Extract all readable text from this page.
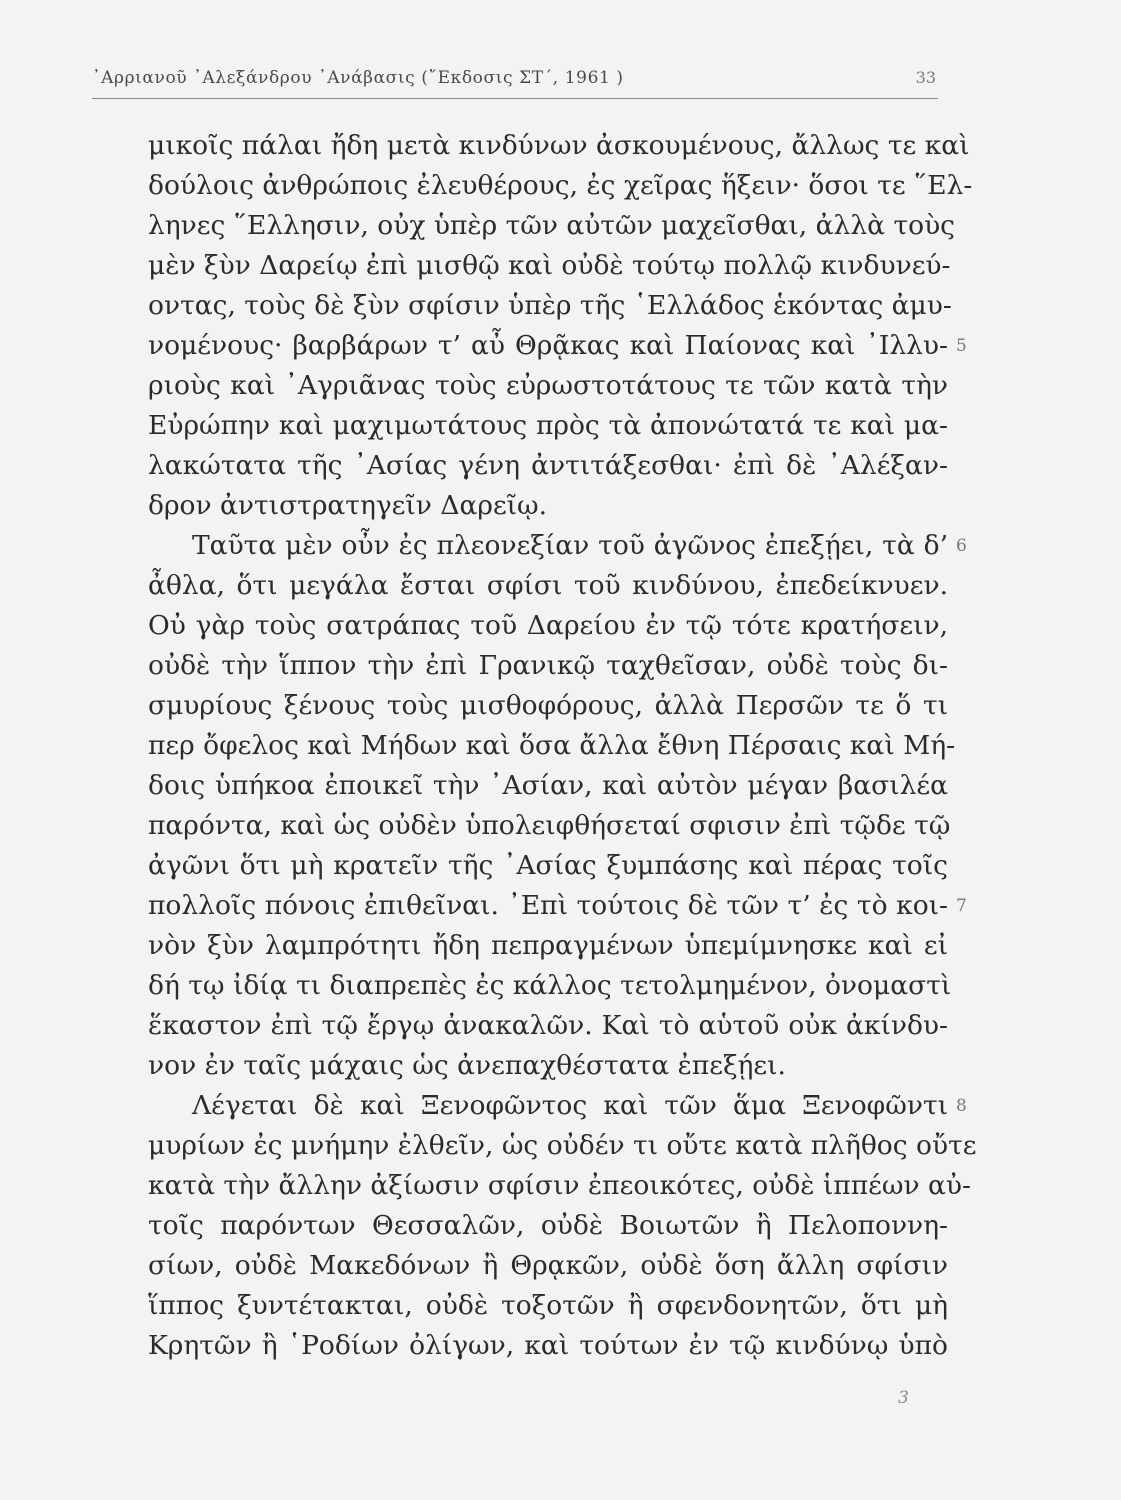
᾿Αρριανοῦ ᾿Αλεξάνδρου ᾿Ανάβασις (῎Εκδοσις ΣΤ΄, 1961 )	33
μικοῖς πάλαι ἤδη μετὰ κινδύνων ἀσκουμένους, ἄλλως τε καὶ
δούλοις ἀνθρώποις ἐλευθέρους, ἐς χεῖρας ἥξειν· ὅσοι τε ῞Ελ-
ληνες ῞Ελλησιν, οὐχ ὑπὲρ τῶν αὐτῶν μαχεῖσθαι, ἀλλὰ τοὺς
μὲν ξὺν Δαρείῳ ἐπὶ μισθῷ καὶ οὐδὲ τούτῳ πολλῷ κινδυνεύ-
οντας, τοὺς δὲ ξὺν σφίσιν ὑπὲρ τῆς ῾Ελλάδος ἑκόντας ἀμυ-
νομένους· βαρβάρων τ’ αὖ Θρᾷκας καὶ Παίονας καὶ ᾿Ιλλυ- 5
ριοὺς καὶ ᾿Αγριᾶνας τοὺς εὐρωστοτάτους τε τῶν κατὰ τὴν
Εὐρώπην καὶ μαχιμωτάτους πρὸς τὰ ἀπονώτατά τε καὶ μα-
λακώτατα τῆς ᾿Ασίας γένη ἀντιτάξεσθαι· ἐπὶ δὲ ᾿Αλέξαν-
δρον ἀντιστρατηγεῖν Δαρεῖῳ.
Ταῦτα μὲν οὖν ἐς πλεονεξίαν τοῦ ἀγῶνος ἐπεξῄει, τὰ δ’ 6
ἆθλα, ὅτι μεγάλα ἔσται σφίσι τοῦ κινδύνου, ἐπεδείκνυεν.
Οὐ γὰρ τοὺς σατράπας τοῦ Δαρείου ἐν τῷ τότε κρατήσειν,
οὐδὲ τὴν ἵππον τὴν ἐπὶ Γρανικῷ ταχθεῖσαν, οὐδὲ τοὺς δι-
σμυρίους ξένους τοὺς μισθοφόρους, ἀλλὰ Περσῶν τε ὅ τι
περ ὄφελος καὶ Μήδων καὶ ὅσα ἄλλα ἔθνη Πέρσαις καὶ Μή-
δοις ὑπήκοα ἐποικεῖ τὴν ᾿Ασίαν, καὶ αὐτὸν μέγαν βασιλέα
παρόντα, καὶ ὡς οὐδὲν ὑπολειφθήσεταί σφισιν ἐπὶ τῷδε τῷ
ἀγῶνι ὅτι μὴ κρατεῖν τῆς ᾿Ασίας ξυμπάσης καὶ πέρας τοῖς
πολλοῖς πόνοις ἐπιθεῖναι. ᾿Επὶ τούτοις δὲ τῶν τ’ ἐς τὸ κοι- 7
νὸν ξὺν λαμπρότητι ἤδη πεπραγμένων ὑπεμίμνησκε καὶ εἰ
δή τῳ ἰδίᾳ τι διαπρεπὲς ἐς κάλλος τετολμημένον, ὀνομαστὶ
ἕκαστον ἐπὶ τῷ ἔργῳ ἀνακαλῶν. Καὶ τὸ αὑτοῦ οὐκ ἀκίνδυ-
νον ἐν ταῖς μάχαις ὡς ἀνεπαχθέστατα ἐπεξῄει.
Λέγεται δὲ καὶ Ξενοφῶντος καὶ τῶν ἅμα Ξενοφῶντι 8
μυρίων ἐς μνήμην ἐλθεῖν, ὡς οὐδέν τι οὔτε κατὰ πλῆθος οὔτε
κατὰ τὴν ἄλλην ἀξίωσιν σφίσιν ἐπεοικότες, οὐδὲ ἱππέων αὐ-
τοῖς παρόντων Θεσσαλῶν, οὐδὲ Βοιωτῶν ἢ Πελοποννη-
σίων, οὐδὲ Μακεδόνων ἢ Θρᾳκῶν, οὐδὲ ὅση ἄλλη σφίσιν
ἵππος ξυντέτακται, οὐδὲ τοξοτῶν ἢ σφενδονητῶν, ὅτι μὴ
Κρητῶν ἢ ῾Ροδίων ὀλίγων, καὶ τούτων ἐν τῷ κινδύνῳ ὑπὸ
3
